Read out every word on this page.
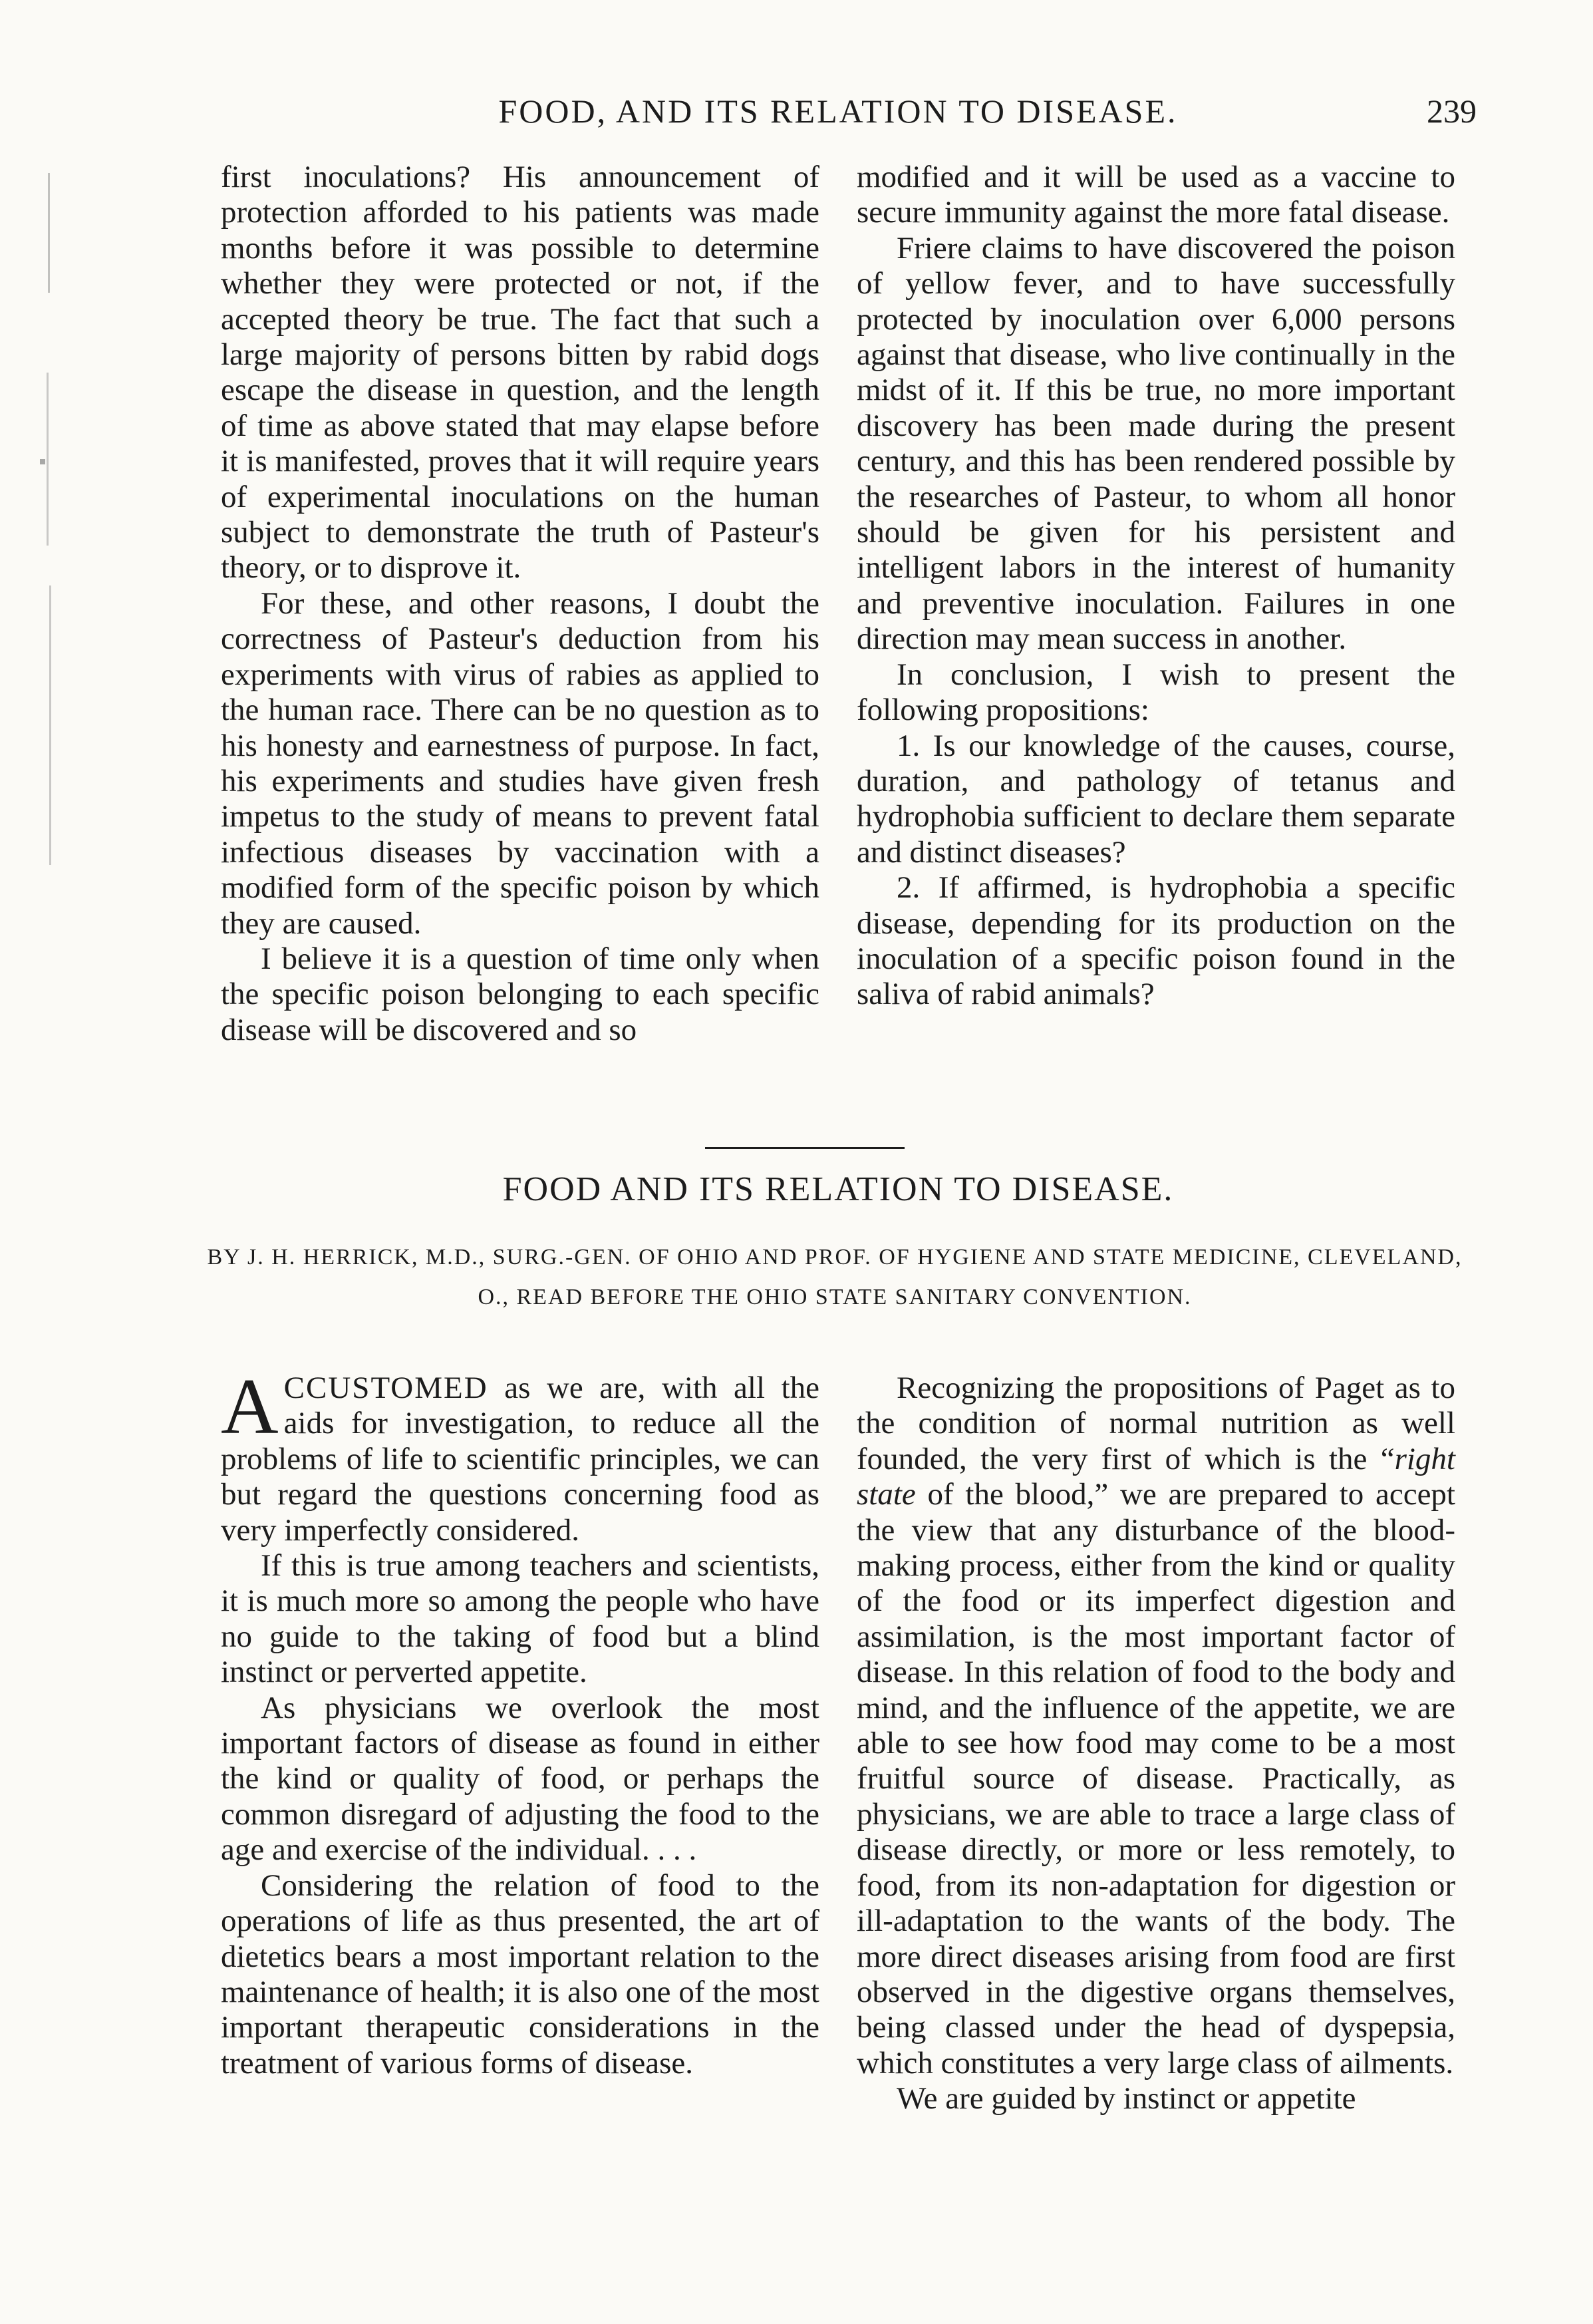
FOOD, AND ITS RELATION TO DISEASE.	239

first inoculations? His announcement of protection afforded to his patients was made months before it was possible to determine whether they were protected or not, if the accepted theory be true. The fact that such a large majority of persons bitten by rabid dogs escape the disease in question, and the length of time as above stated that may elapse before it is manifested, proves that it will require years of experimental inoculations on the human subject to demonstrate the truth of Pasteur's theory, or to disprove it.

For these, and other reasons, I doubt the correctness of Pasteur's deduction from his experiments with virus of rabies as applied to the human race. There can be no question as to his honesty and earnestness of purpose. In fact, his experiments and studies have given fresh impetus to the study of means to prevent fatal infectious diseases by vaccination with a modified form of the specific poison by which they are caused.

I believe it is a question of time only when the specific poison belonging to each specific disease will be discovered and so

modified and it will be used as a vaccine to secure immunity against the more fatal disease.

Friere claims to have discovered the poison of yellow fever, and to have successfully protected by inoculation over 6,000 persons against that disease, who live continually in the midst of it. If this be true, no more important discovery has been made during the present century, and this has been rendered possible by the researches of Pasteur, to whom all honor should be given for his persistent and intelligent labors in the interest of humanity and preventive inoculation. Failures in one direction may mean success in another.

In conclusion, I wish to present the following propositions:

1. Is our knowledge of the causes, course, duration, and pathology of tetanus and hydrophobia sufficient to declare them separate and distinct diseases?

2. If affirmed, is hydrophobia a specific disease, depending for its production on the inoculation of a specific poison found in the saliva of rabid animals?

FOOD AND ITS RELATION TO DISEASE.
BY J. H. HERRICK, M.D., SURG.-GEN. OF OHIO AND PROF. OF HYGIENE AND STATE MEDICINE, CLEVELAND, O., READ BEFORE THE OHIO STATE SANITARY CONVENTION.

ACCUSTOMED as we are, with all the aids for investigation, to reduce all the problems of life to scientific principles, we can but regard the questions concerning food as very imperfectly considered.

If this is true among teachers and scientists, it is much more so among the people who have no guide to the taking of food but a blind instinct or perverted appetite.

As physicians we overlook the most important factors of disease as found in either the kind or quality of food, or perhaps the common disregard of adjusting the food to the age and exercise of the individual. . . .

Considering the relation of food to the operations of life as thus presented, the art of dietetics bears a most important relation to the maintenance of health; it is also one of the most important therapeutic considerations in the treatment of various forms of disease.

Recognizing the propositions of Paget as to the condition of normal nutrition as well founded, the very first of which is the “right state of the blood,” we are prepared to accept the view that any disturbance of the blood-making process, either from the kind or quality of the food or its imperfect digestion and assimilation, is the most important factor of disease. In this relation of food to the body and mind, and the influence of the appetite, we are able to see how food may come to be a most fruitful source of disease. Practically, as physicians, we are able to trace a large class of disease directly, or more or less remotely, to food, from its non-adaptation for digestion or ill-adaptation to the wants of the body. The more direct diseases arising from food are first observed in the digestive organs themselves, being classed under the head of dyspepsia, which constitutes a very large class of ailments.

We are guided by instinct or appetite
